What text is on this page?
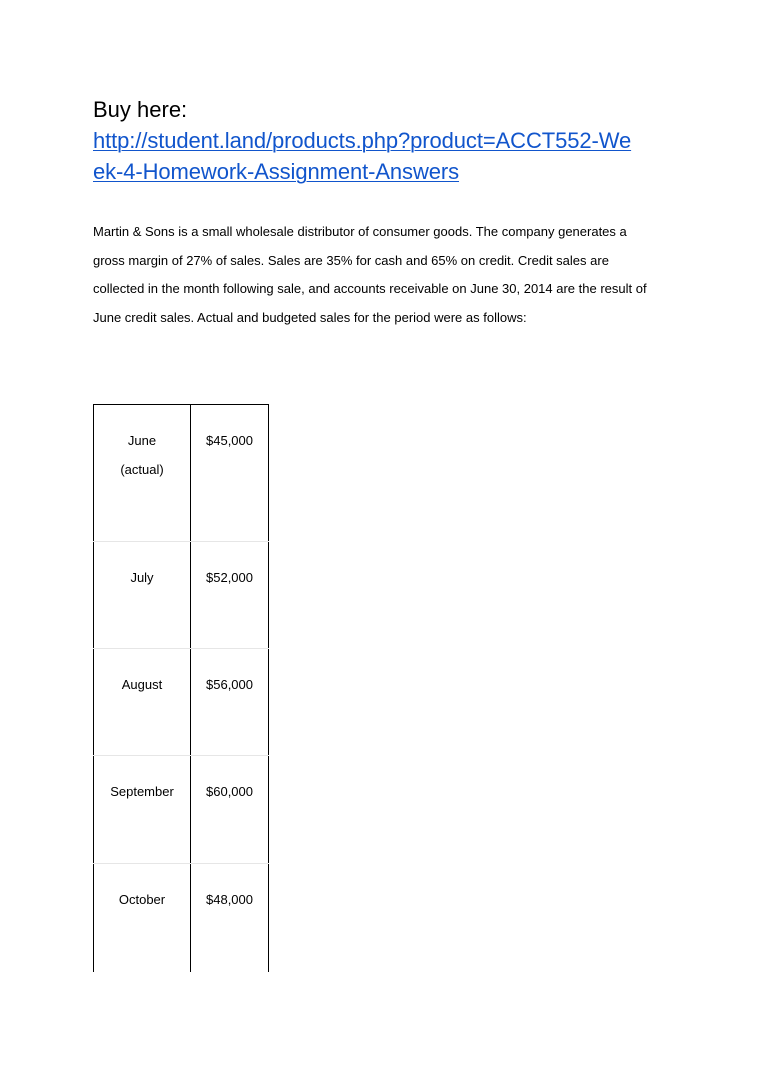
Buy here:
http://student.land/products.php?product=ACCT552-We
ek-4-Homework-Assignment-Answers

Martin & Sons is a small wholesale distributor of consumer goods. The company generates a
gross margin of 27% of sales. Sales are 35% for cash and 65% on credit. Credit sales are
collected in the month following sale, and accounts receivable on June 30, 2014 are the result of
June credit sales. Actual and budgeted sales for the period were as follows:

June
(actual)	$45,000

July	$52,000

August	$56,000

September	$60,000

October	$48,000
